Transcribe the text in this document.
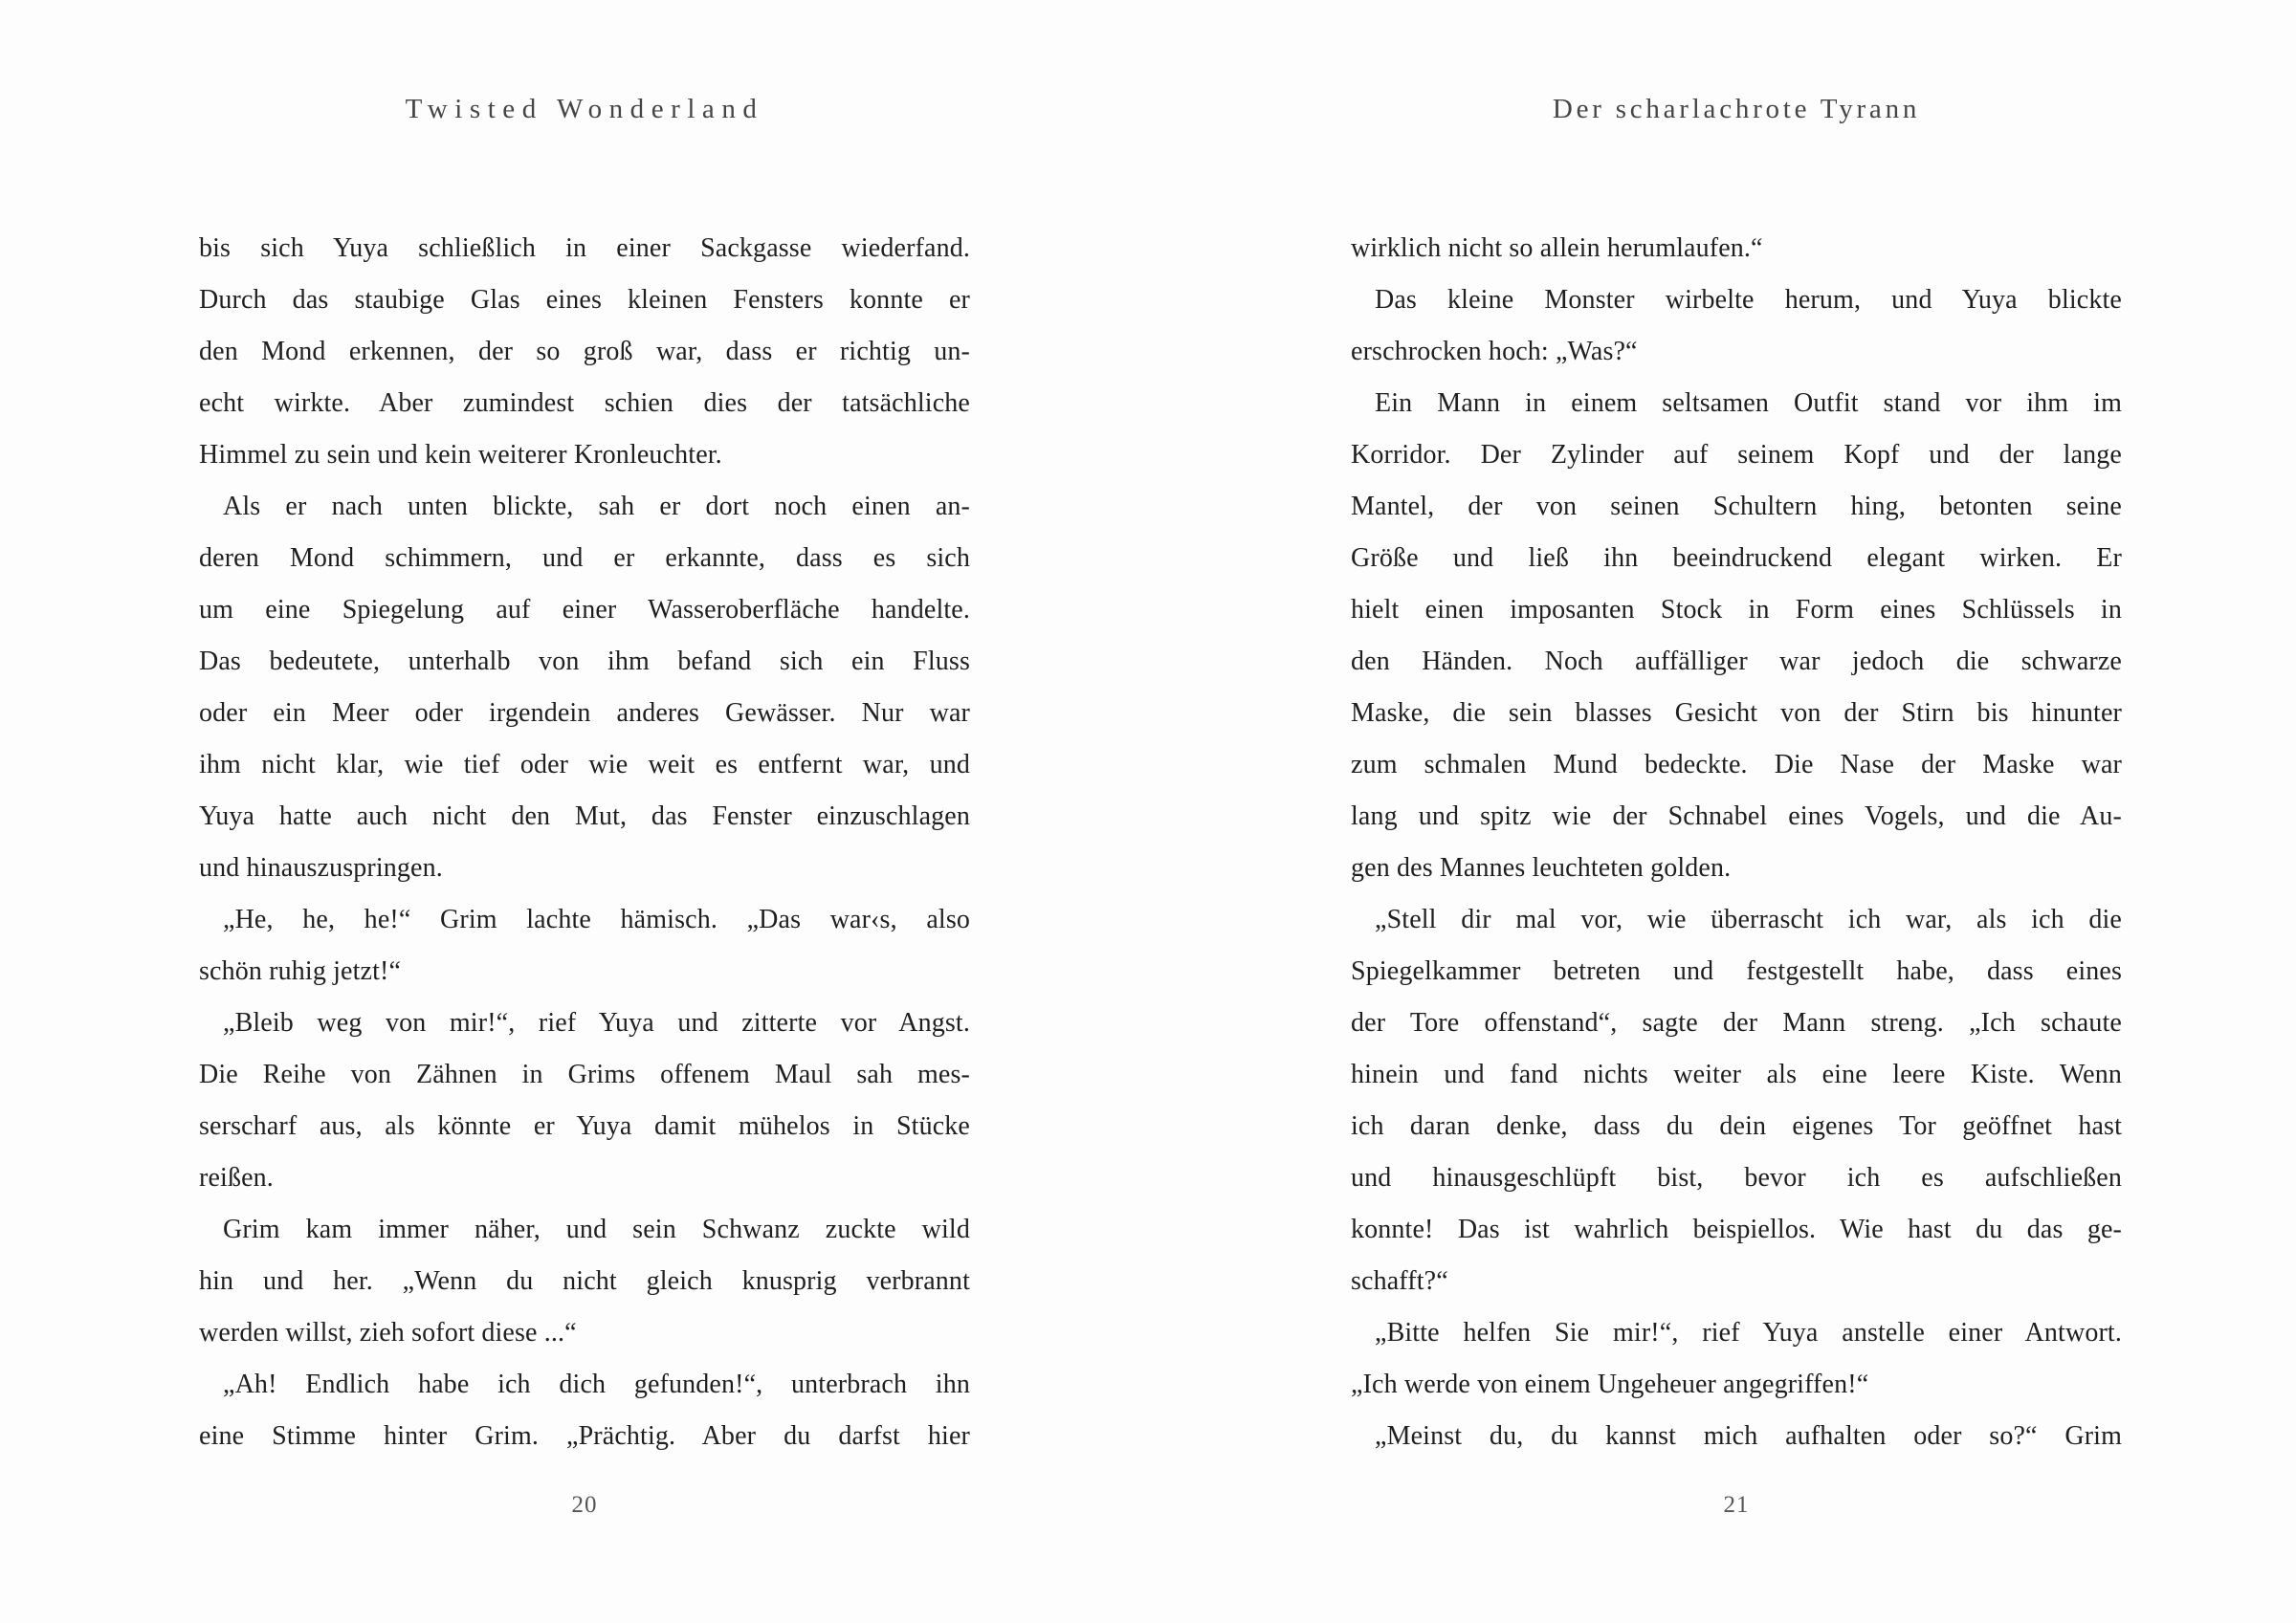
Twisted Wonderland
bis sich Yuya schließlich in einer Sackgasse wiederfand.
Durch das staubige Glas eines kleinen Fensters konnte er
den Mond erkennen, der so groß war, dass er richtig un-
echt wirkte. Aber zumindest schien dies der tatsächliche
Himmel zu sein und kein weiterer Kronleuchter.
Als er nach unten blickte, sah er dort noch einen an-
deren Mond schimmern, und er erkannte, dass es sich
um eine Spiegelung auf einer Wasseroberfläche handelte.
Das bedeutete, unterhalb von ihm befand sich ein Fluss
oder ein Meer oder irgendein anderes Gewässer. Nur war
ihm nicht klar, wie tief oder wie weit es entfernt war, und
Yuya hatte auch nicht den Mut, das Fenster einzuschlagen
und hinauszuspringen.
„He, he, he!“ Grim lachte hämisch. „Das war‹s, also
schön ruhig jetzt!“
„Bleib weg von mir!“, rief Yuya und zitterte vor Angst.
Die Reihe von Zähnen in Grims offenem Maul sah mes-
serscharf aus, als könnte er Yuya damit mühelos in Stücke
reißen.
Grim kam immer näher, und sein Schwanz zuckte wild
hin und her. „Wenn du nicht gleich knusprig verbrannt
werden willst, zieh sofort diese ...“
„Ah! Endlich habe ich dich gefunden!“, unterbrach ihn
eine Stimme hinter Grim. „Prächtig. Aber du darfst hier
20
Der scharlachrote Tyrann
wirklich nicht so allein herumlaufen.“
Das kleine Monster wirbelte herum, und Yuya blickte
erschrocken hoch: „Was?“
Ein Mann in einem seltsamen Outfit stand vor ihm im
Korridor. Der Zylinder auf seinem Kopf und der lange
Mantel, der von seinen Schultern hing, betonten seine
Größe und ließ ihn beeindruckend elegant wirken. Er
hielt einen imposanten Stock in Form eines Schlüssels in
den Händen. Noch auffälliger war jedoch die schwarze
Maske, die sein blasses Gesicht von der Stirn bis hinunter
zum schmalen Mund bedeckte. Die Nase der Maske war
lang und spitz wie der Schnabel eines Vogels, und die Au-
gen des Mannes leuchteten golden.
„Stell dir mal vor, wie überrascht ich war, als ich die
Spiegelkammer betreten und festgestellt habe, dass eines
der Tore offenstand“, sagte der Mann streng. „Ich schaute
hinein und fand nichts weiter als eine leere Kiste. Wenn
ich daran denke, dass du dein eigenes Tor geöffnet hast
und hinausgeschlüpft bist, bevor ich es aufschließen
konnte! Das ist wahrlich beispiellos. Wie hast du das ge-
schafft?“
„Bitte helfen Sie mir!“, rief Yuya anstelle einer Antwort.
„Ich werde von einem Ungeheuer angegriffen!“
„Meinst du, du kannst mich aufhalten oder so?“ Grim
21
